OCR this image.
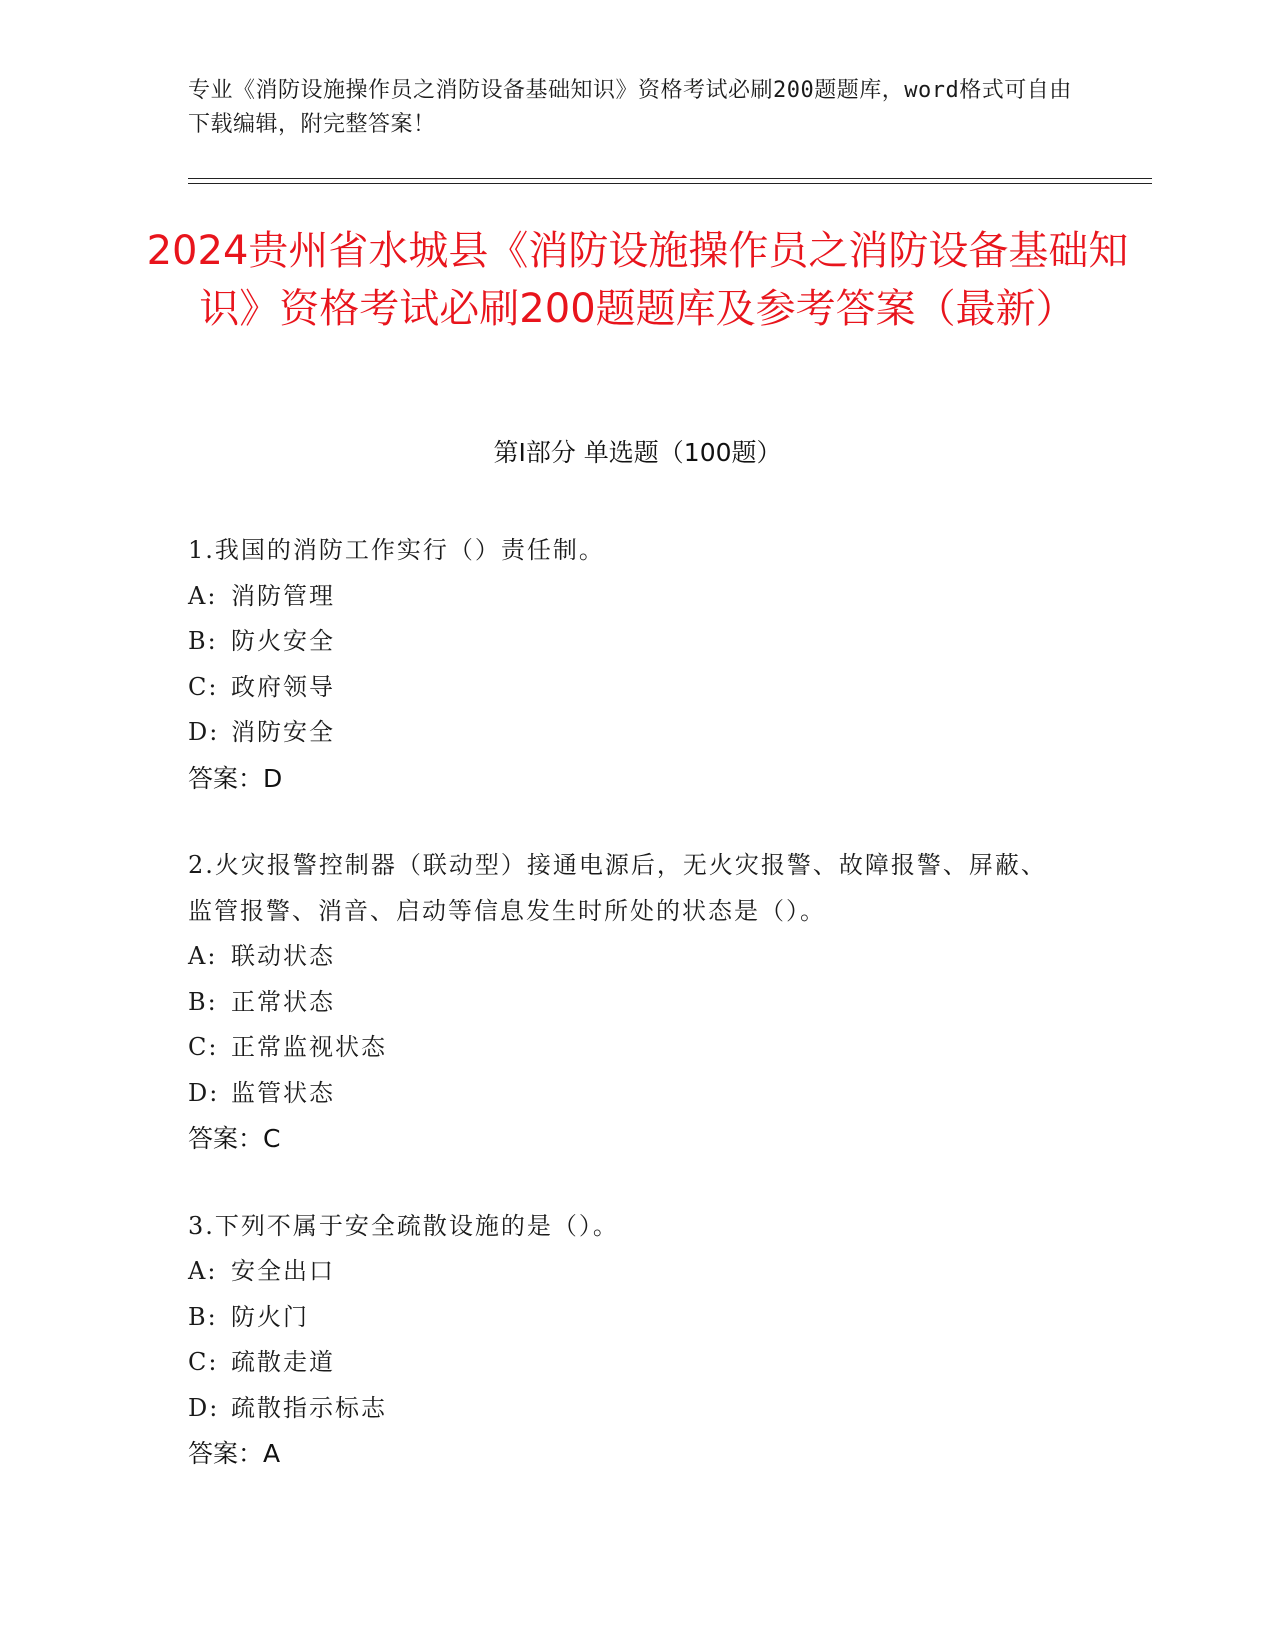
专业《消防设施操作员之消防设备基础知识》资格考试必刷200题题库，word格式可自由下载编辑，附完整答案！
2024贵州省水城县《消防设施操作员之消防设备基础知识》资格考试必刷200题题库及参考答案（最新）
第I部分 单选题（100题）
1.我国的消防工作实行（）责任制。
A: 消防管理
B: 防火安全
C: 政府领导
D: 消防安全
答案：D
2.火灾报警控制器（联动型）接通电源后，无火灾报警、故障报警、屏蔽、监管报警、消音、启动等信息发生时所处的状态是（）。
A: 联动状态
B: 正常状态
C: 正常监视状态
D: 监管状态
答案：C
3.下列不属于安全疏散设施的是（）。
A: 安全出口
B: 防火门
C: 疏散走道
D: 疏散指示标志
答案：A
